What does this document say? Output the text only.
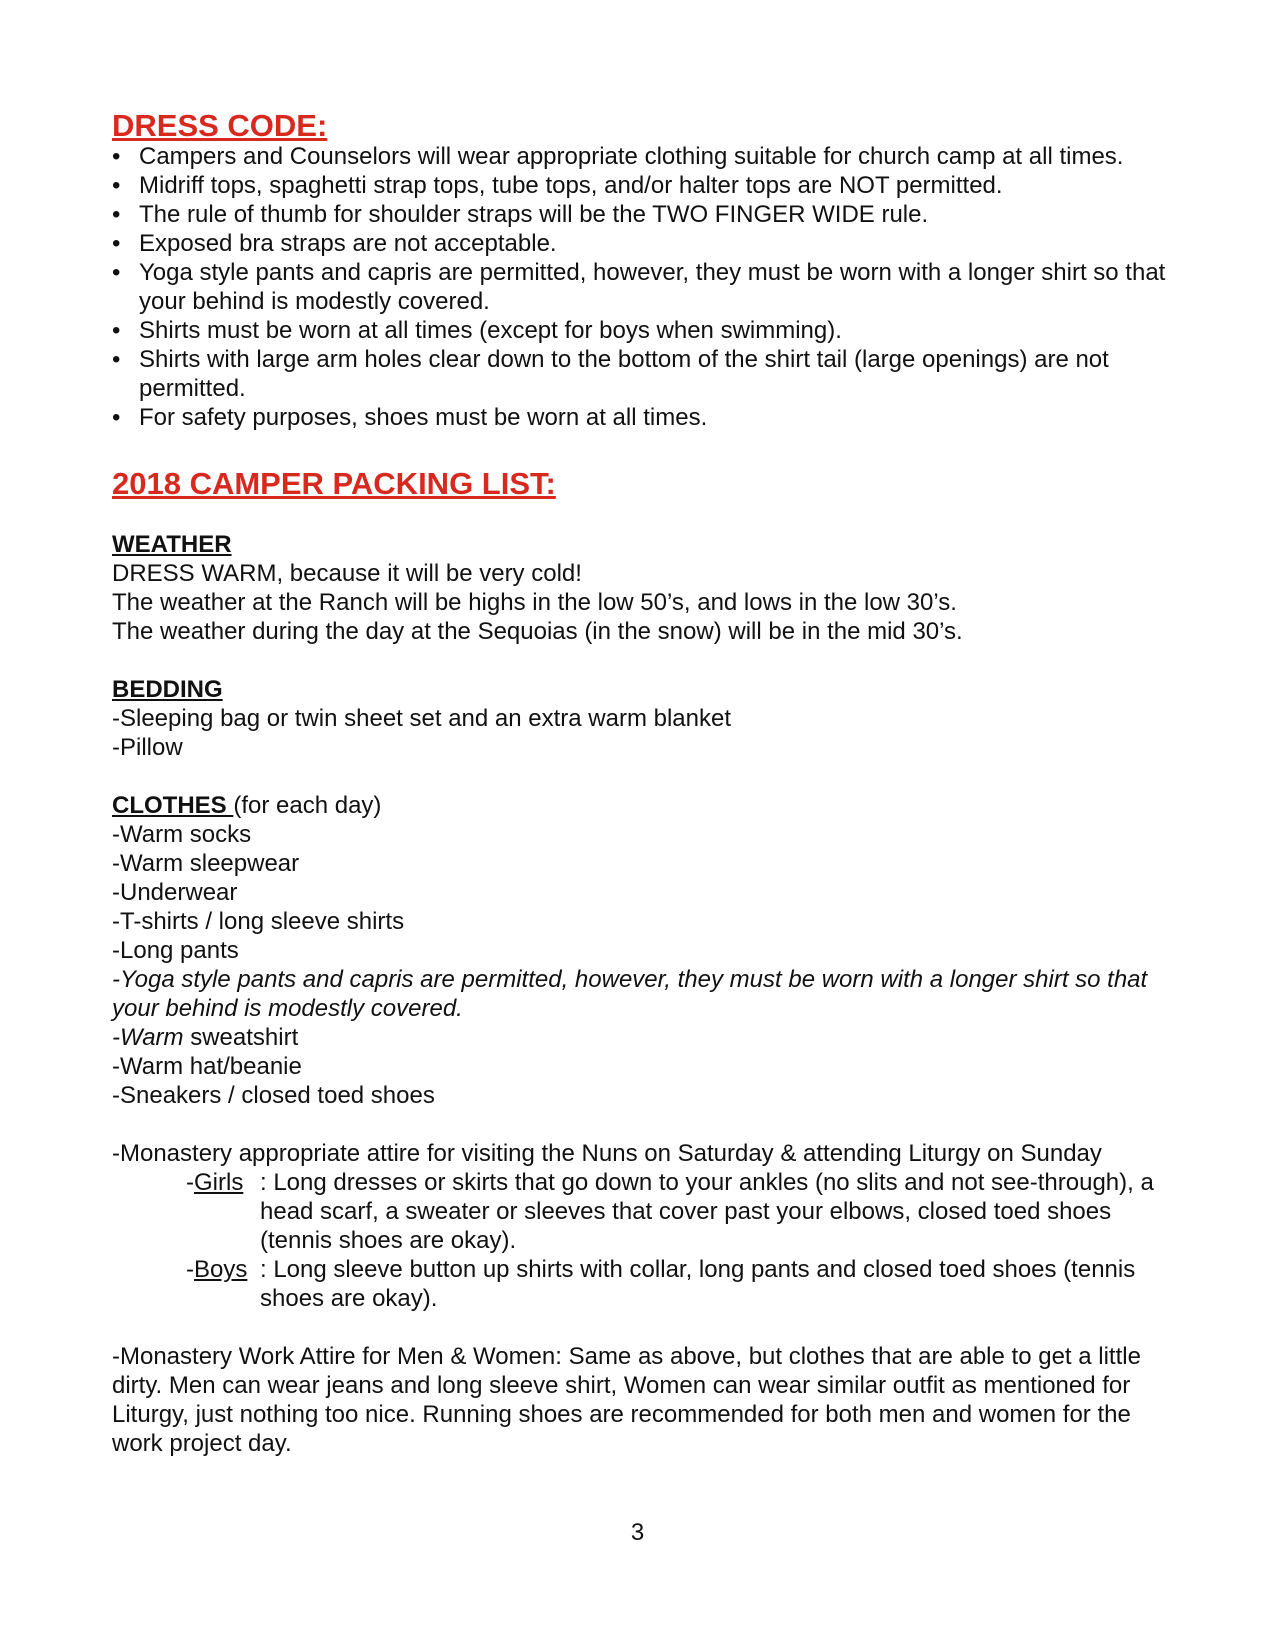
DRESS CODE:
• Campers and Counselors will wear appropriate clothing suitable for church camp at all times.
• Midriff tops, spaghetti strap tops, tube tops, and/or halter tops are NOT permitted.
• The rule of thumb for shoulder straps will be the TWO FINGER WIDE rule.
• Exposed bra straps are not acceptable.
• Yoga style pants and capris are permitted, however, they must be worn with a longer shirt so that your behind is modestly covered.
• Shirts must be worn at all times (except for boys when swimming).
• Shirts with large arm holes clear down to the bottom of the shirt tail (large openings) are not permitted.
• For safety purposes, shoes must be worn at all times.
2018 CAMPER PACKING LIST:
WEATHER
DRESS WARM, because it will be very cold!
The weather at the Ranch will be highs in the low 50’s, and lows in the low 30’s.
The weather during the day at the Sequoias (in the snow) will be in the mid 30’s.
BEDDING
-Sleeping bag or twin sheet set and an extra warm blanket
-Pillow
CLOTHES (for each day)
-Warm socks
-Warm sleepwear
-Underwear
-T-shirts / long sleeve shirts
-Long pants
-Yoga style pants and capris are permitted, however, they must be worn with a longer shirt so that your behind is modestly covered.
-Warm sweatshirt
-Warm hat/beanie
-Sneakers / closed toed shoes
-Monastery appropriate attire for visiting the Nuns on Saturday & attending Liturgy on Sunday
-Girls : Long dresses or skirts that go down to your ankles (no slits and not see-through), a head scarf, a sweater or sleeves that cover past your elbows, closed toed shoes (tennis shoes are okay).
-Boys : Long sleeve button up shirts with collar, long pants and closed toed shoes (tennis shoes are okay).
-Monastery Work Attire for Men & Women: Same as above, but clothes that are able to get a little dirty. Men can wear jeans and long sleeve shirt, Women can wear similar outfit as mentioned for Liturgy, just nothing too nice. Running shoes are recommended for both men and women for the work project day.
3
